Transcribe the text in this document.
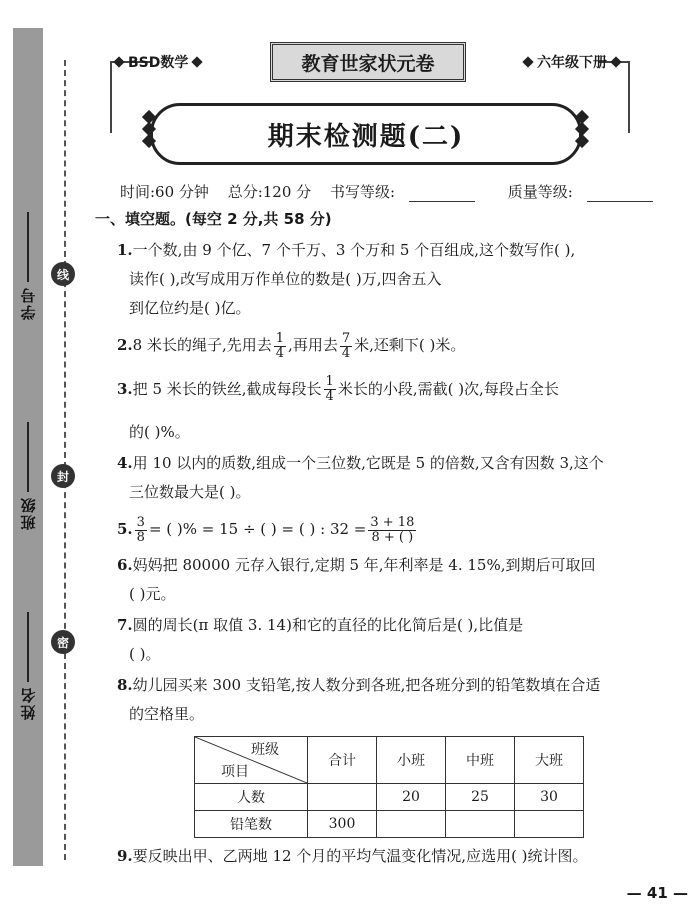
线
封
密
学号
班级
姓名
BSD数学	教育世家状元卷	六年级下册
期末检测题(二)
时间:60 分钟 总分:120 分 书写等级:	质量等级:
一、填空题。(每空 2 分,共 58 分)
1.一个数,由 9 个亿、7 个千万、3 个万和 5 个百组成,这个数写作( ),
读作( ),改写成用万作单位的数是( )万,四舍五入
到亿位约是( )亿。
2.8 米长的绳子,先用去 $\frac{1}{4}$ ,再用去 $\frac{7}{4}$ 米,还剩下( )米。
3.把 5 米长的铁丝,截成每段长 $\frac{1}{4}$ 米长的小段,需截( )次,每段占全长
的( )%。
4.用 10 以内的质数,组成一个三位数,它既是 5 的倍数,又含有因数 3,这个
三位数最大是( )。
5. $\frac{3}{8}$ = ( )% = 15 ÷ ( ) = ( ) : $32 = \frac{3 + 18}{8 + ( )}$
6.妈妈把 80000 元存入银行,定期 5 年,年利率是 4. 15%,到期后可取回
( )元。
7.圆的周长(π 取值 3. 14)和它的直径的比化简后是( ),比值是
( )。
8.幼儿园买来 300 支铅笔,按人数分到各班,把各班分到的铅笔数填在合适
的空格里。
班级
项目	合计	小班	中班	大班
人数		20	25	30
铅笔数	300			
9.要反映出甲、乙两地 12 个月的平均气温变化情况,应选用( )统计图。
— 41 —
